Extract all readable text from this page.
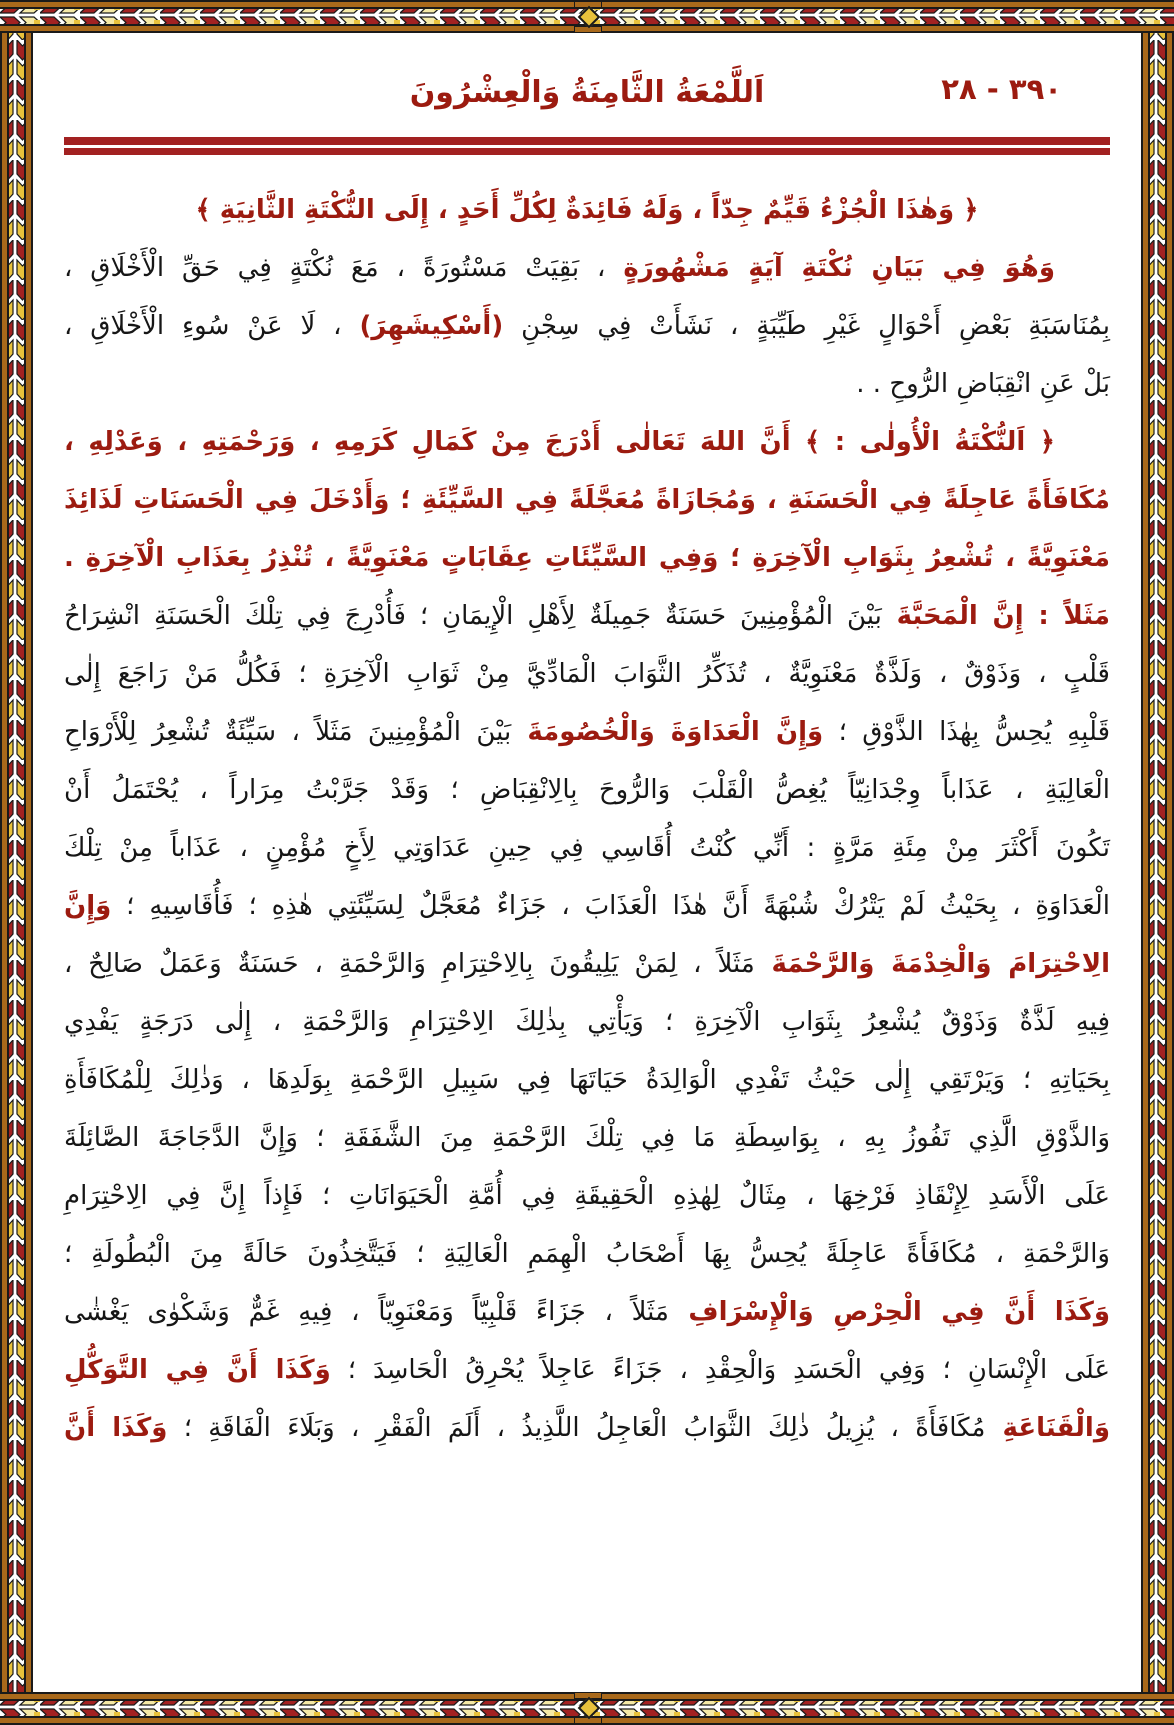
اَللَّمْعَةُ الثَّامِنَةُ وَالْعِشْرُونَ	٣٩٠ - ٢٨
﴿ وَهٰذَا الْجُزْءُ قَيِّمٌ جِدّاً ، وَلَهُ فَائِدَةٌ لِكُلِّ أَحَدٍ ، إِلَى النُّكْتَةِ الثَّانِيَةِ ﴾
وَهُوَ فِي بَيَانِ نُكْتَةِ آيَةٍ مَشْهُورَةٍ ، بَقِيَتْ مَسْتُورَةً ، مَعَ نُكْتَةٍ فِي حَقِّ الْأَخْلَاقِ ،
بِمُنَاسَبَةِ بَعْضِ أَحْوَالٍ غَيْرِ طَيِّبَةٍ ، نَشَأَتْ فِي سِجْنِ (أَسْكِيشَهِرَ) ، لَا عَنْ سُوءِ الْأَخْلَاقِ ،
بَلْ عَنِ انْقِبَاضِ الرُّوحِ . .
﴿ اَلنُّكْتَةُ الْأُولٰى : ﴾ أَنَّ اللهَ تَعَالٰى أَدْرَجَ مِنْ كَمَالِ كَرَمِهِ ، وَرَحْمَتِهِ ، وَعَدْلِهِ ،
مُكَافَأَةً عَاجِلَةً فِي الْحَسَنَةِ ، وَمُجَازَاةً مُعَجَّلَةً فِي السَّيِّئَةِ ؛ وَأَدْخَلَ فِي الْحَسَنَاتِ لَذَائِذَ
مَعْنَوِيَّةً ، تُشْعِرُ بِثَوَابِ الْآخِرَةِ ؛ وَفِي السَّيِّئَاتِ عِقَابَاتٍ مَعْنَوِيَّةً ، تُنْذِرُ بِعَذَابِ الْآخِرَةِ .
مَثَلاً : إِنَّ الْمَحَبَّةَ بَيْنَ الْمُؤْمِنِينَ حَسَنَةٌ جَمِيلَةٌ لِأَهْلِ الْإِيمَانِ ؛ فَأُدْرِجَ فِي تِلْكَ الْحَسَنَةِ انْشِرَاحُ
قَلْبٍ ، وَذَوْقٌ ، وَلَذَّةٌ مَعْنَوِيَّةٌ ، تُذَكِّرُ الثَّوَابَ الْمَادِّيَّ مِنْ ثَوَابِ الْآخِرَةِ ؛ فَكُلُّ مَنْ رَاجَعَ إِلٰى
قَلْبِهِ يُحِسُّ بِهٰذَا الذَّوْقِ ؛ وَإِنَّ الْعَدَاوَةَ وَالْخُصُومَةَ بَيْنَ الْمُؤْمِنِينَ مَثَلاً ، سَيِّئَةٌ تُشْعِرُ لِلْأَرْوَاحِ
الْعَالِيَةِ ، عَذَاباً وِجْدَانِيّاً يُغِصُّ الْقَلْبَ وَالرُّوحَ بِالِانْقِبَاضِ ؛ وَقَدْ جَرَّبْتُ مِرَاراً ، يُحْتَمَلُ أَنْ
تَكُونَ أَكْثَرَ مِنْ مِئَةِ مَرَّةٍ : أَنِّي كُنْتُ أُقَاسِي فِي حِينِ عَدَاوَتِي لِأَخٍ مُؤْمِنٍ ، عَذَاباً مِنْ تِلْكَ
الْعَدَاوَةِ ، بِحَيْثُ لَمْ يَتْرُكْ شُبْهَةً أَنَّ هٰذَا الْعَذَابَ ، جَزَاءٌ مُعَجَّلٌ لِسَيِّئَتِي هٰذِهِ ؛ فَأُقَاسِيهِ ؛ وَإِنَّ
الِاحْتِرَامَ وَالْخِدْمَةَ وَالرَّحْمَةَ مَثَلاً ، لِمَنْ يَلِيقُونَ بِالِاحْتِرَامِ وَالرَّحْمَةِ ، حَسَنَةٌ وَعَمَلٌ صَالِحٌ ،
فِيهِ لَذَّةٌ وَذَوْقٌ يُشْعِرُ بِثَوَابِ الْآخِرَةِ ؛ وَيَأْتِي بِذٰلِكَ الِاحْتِرَامِ وَالرَّحْمَةِ ، إِلٰى دَرَجَةٍ يَفْدِي
بِحَيَاتِهِ ؛ وَيَرْتَقِي إِلٰى حَيْثُ تَفْدِي الْوَالِدَةُ حَيَاتَهَا فِي سَبِيلِ الرَّحْمَةِ بِوَلَدِهَا ، وَذٰلِكَ لِلْمُكَافَأَةِ
وَالذَّوْقِ الَّذِي تَفُوزُ بِهِ ، بِوَاسِطَةِ مَا فِي تِلْكَ الرَّحْمَةِ مِنَ الشَّفَقَةِ ؛ وَإِنَّ الدَّجَاجَةَ الصَّائِلَةَ
عَلَى الْأَسَدِ لِإِنْقَاذِ فَرْخِهَا ، مِثَالٌ لِهٰذِهِ الْحَقِيقَةِ فِي أُمَّةِ الْحَيَوَانَاتِ ؛ فَإِذاً إِنَّ فِي الِاحْتِرَامِ
وَالرَّحْمَةِ ، مُكَافَأَةً عَاجِلَةً يُحِسُّ بِهَا أَصْحَابُ الْهِمَمِ الْعَالِيَةِ ؛ فَيَتَّخِذُونَ حَالَةً مِنَ الْبُطُولَةِ ؛
وَكَذَا أَنَّ فِي الْحِرْصِ وَالْإِسْرَافِ مَثَلاً ، جَزَاءً قَلْبِيّاً وَمَعْنَوِيّاً ، فِيهِ غَمٌّ وَشَكْوٰى يَغْشٰى
عَلَى الْإِنْسَانِ ؛ وَفِي الْحَسَدِ وَالْحِقْدِ ، جَزَاءً عَاجِلاً يُحْرِقُ الْحَاسِدَ ؛ وَكَذَا أَنَّ فِي التَّوَكُّلِ
وَالْقَنَاعَةِ مُكَافَأَةً ، يُزِيلُ ذٰلِكَ الثَّوَابُ الْعَاجِلُ اللَّذِيذُ ، أَلَمَ الْفَقْرِ ، وَبَلَاءَ الْفَاقَةِ ؛ وَكَذَا أَنَّ
